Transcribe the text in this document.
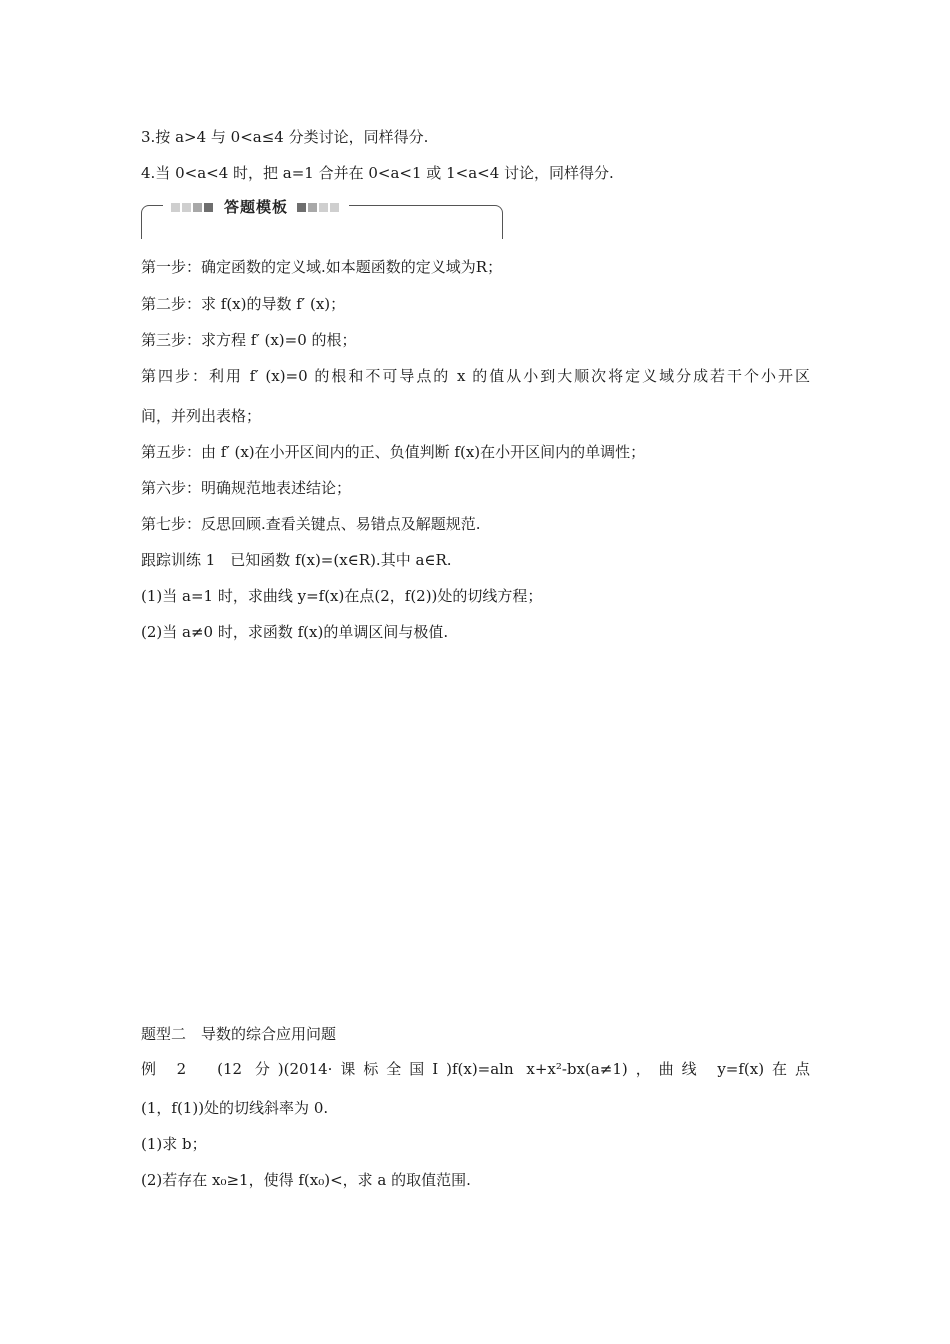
3.按 a>4 与 0<a≤4 分类讨论，同样得分.
4.当 0<a<4 时，把 a=1 合并在 0<a<1 或 1<a<4 讨论，同样得分.
答题模板
第一步：确定函数的定义域.如本题函数的定义域为R；
第二步：求 f(x)的导数 f′ (x)；
第三步：求方程 f′ (x)=0 的根；
第四步：利用 f′ (x)=0 的根和不可导点的 x 的值从小到大顺次将定义域分成若干个小开区
间，并列出表格；
第五步：由 f′ (x)在小开区间内的正、负值判断 f(x)在小开区间内的单调性；
第六步：明确规范地表述结论；
第七步：反思回顾.查看关键点、易错点及解题规范.
跟踪训练 1　已知函数 f(x)=(x∈R).其中 a∈R.
(1)当 a=1 时，求曲线 y=f(x)在点(2，f(2))处的切线方程；
(2)当 a≠0 时，求函数 f(x)的单调区间与极值.
题型二　导数的综合应用问题
例 2　(12 分)(2014·课标全国Ⅰ)f(x)=aln x+x²-bx(a≠1)，曲线 y=f(x)在点
(1，f(1))处的切线斜率为 0.
(1)求 b；
(2)若存在 x₀≥1，使得 f(x₀)<，求 a 的取值范围.
